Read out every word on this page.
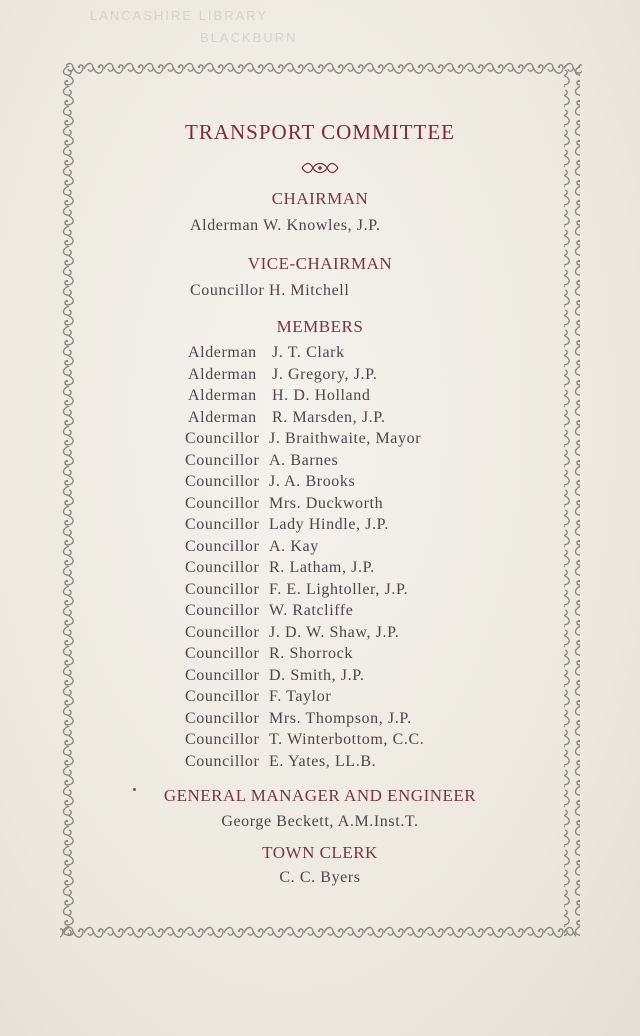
LANCASHIRE LIBRARY
BLACKBURN
TRANSPORT COMMITTEE
CHAIRMAN
Alderman W. Knowles, J.P.
VICE-CHAIRMAN
Councillor H. Mitchell
MEMBERS
Alderman J. T. Clark
Alderman J. Gregory, J.P.
Alderman H. D. Holland
Alderman R. Marsden, J.P.
Councillor J. Braithwaite, Mayor
Councillor A. Barnes
Councillor J. A. Brooks
Councillor Mrs. Duckworth
Councillor Lady Hindle, J.P.
Councillor A. Kay
Councillor R. Latham, J.P.
Councillor F. E. Lightoller, J.P.
Councillor W. Ratcliffe
Councillor J. D. W. Shaw, J.P.
Councillor R. Shorrock
Councillor D. Smith, J.P.
Councillor F. Taylor
Councillor Mrs. Thompson, J.P.
Councillor T. Winterbottom, C.C.
Councillor E. Yates, LL.B.
GENERAL MANAGER AND ENGINEER
George Beckett, A.M.Inst.T.
TOWN CLERK
C. C. Byers
